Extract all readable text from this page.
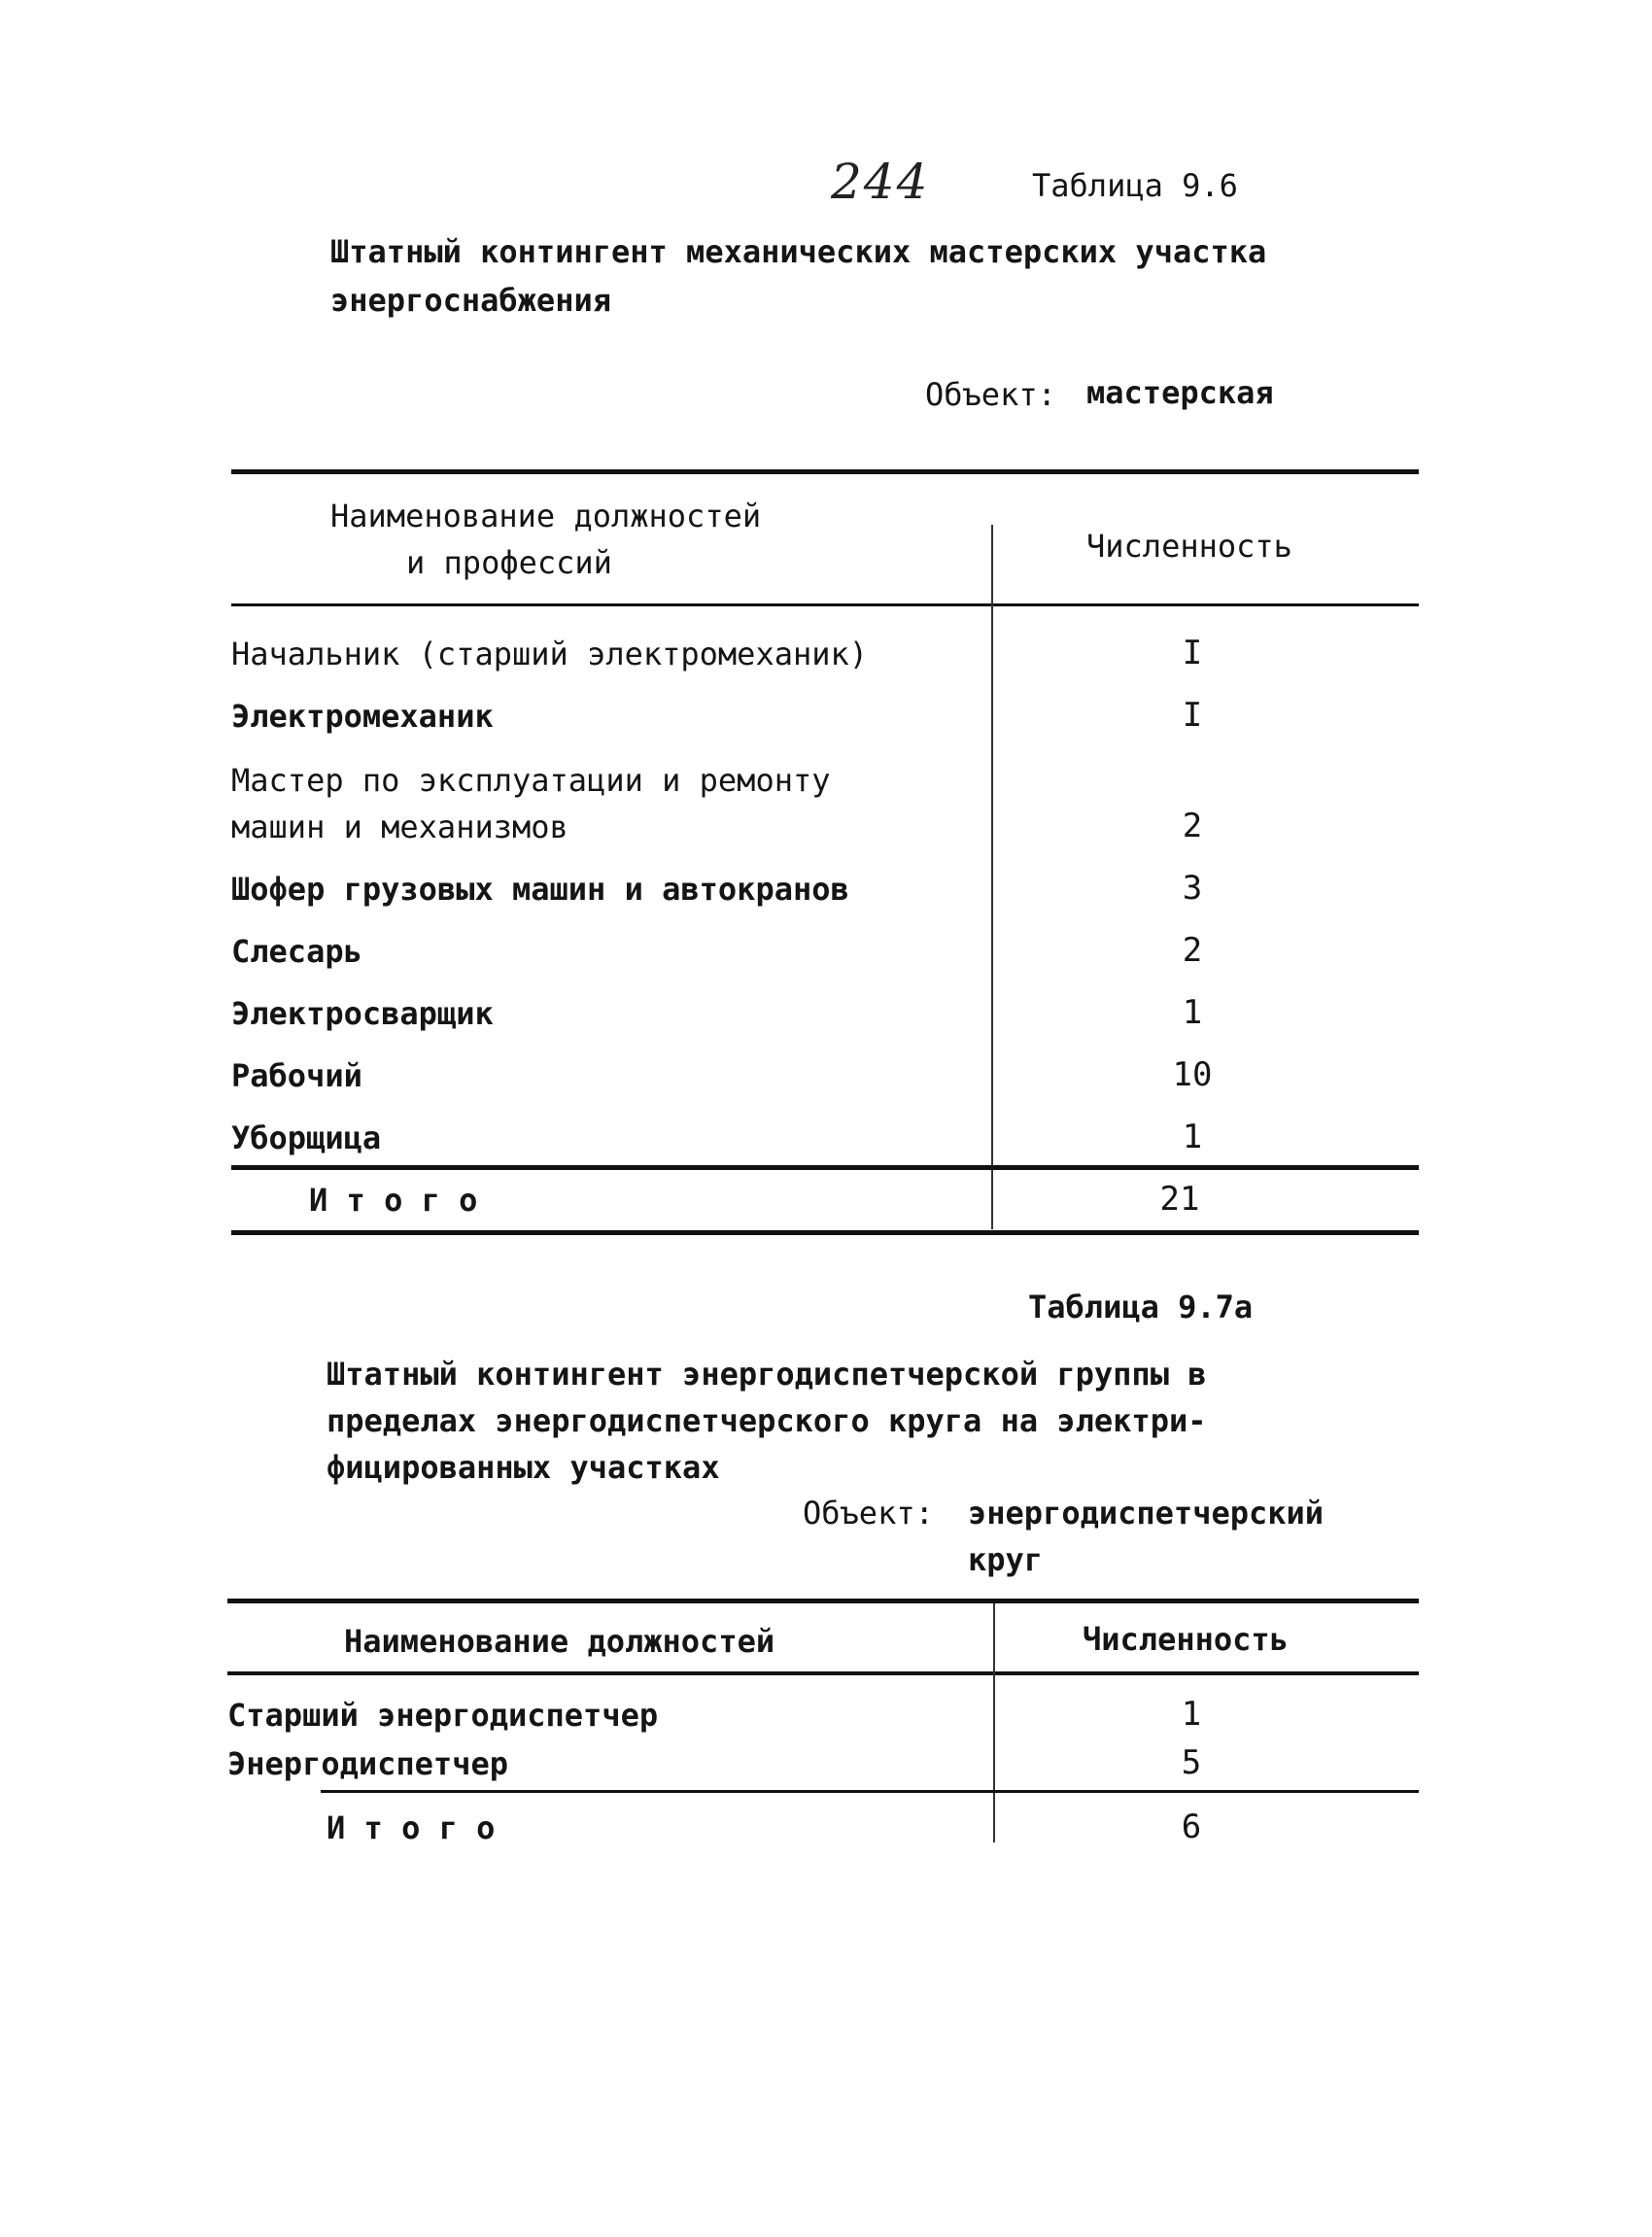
244	Таблица 9.6
Штатный контингент механических мастерских участка
энергоснабжения
Объект: мастерская
Наименование должностей
и профессий	Численность
Начальник (старший электромеханик)	I
Электромеханик	I
Мастер по эксплуатации и ремонту
машин и механизмов	2
Шофер грузовых машин и автокранов	3
Слесарь	2
Электросварщик	1
Рабочий	10
Уборщица	1
И т о г о	21
Таблица 9.7а
Штатный контингент энергодиспетчерской группы в
пределах энергодиспетчерского круга на электри-
фицированных участках
Объект: энергодиспетчерский
круг
Наименование должностей	Численность
Старший энергодиспетчер	1
Энергодиспетчер	5
И т о г о	6
